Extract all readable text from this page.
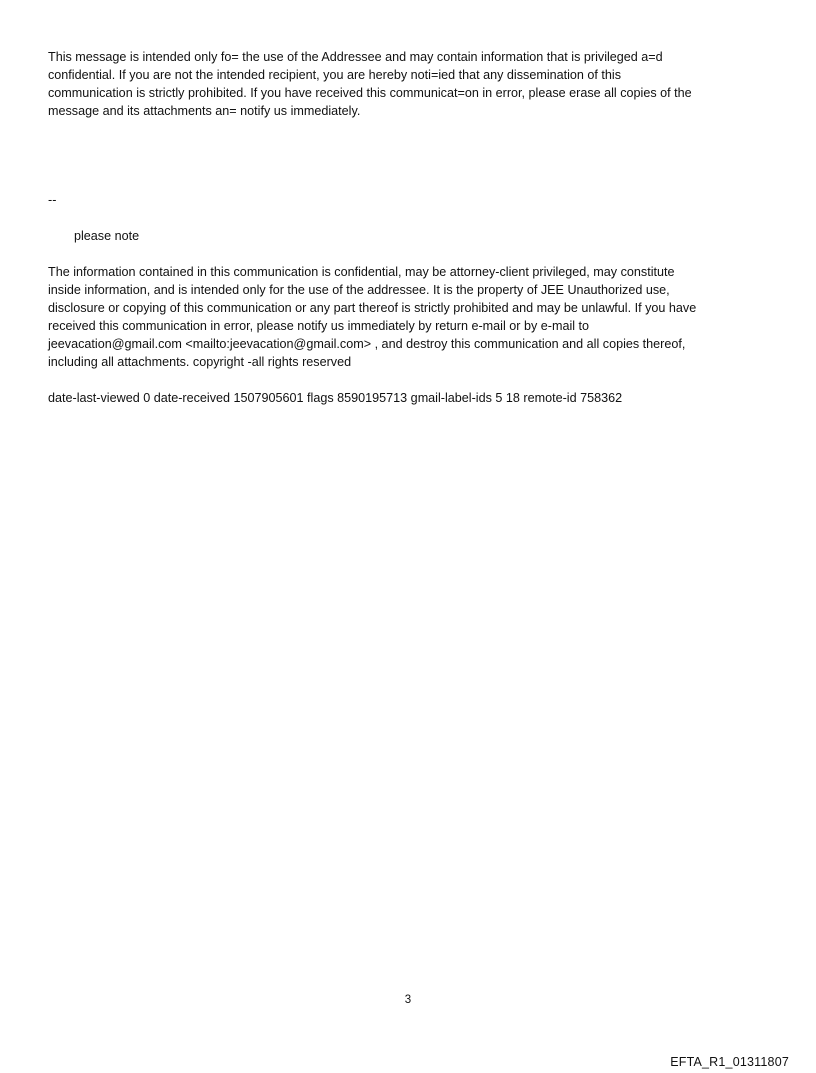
This message is intended only fo= the use of the Addressee and may contain information that is privileged a=d
confidential. If you are not the intended recipient, you are hereby noti=ied that any dissemination of this
communication is strictly prohibited. If you have received this communicat=on in error, please erase all copies of the
message and its attachments an= notify us immediately.
--
please note
The information contained in this communication is confidential, may be attorney-client privileged, may constitute
inside information, and is intended only for the use of the addressee. It is the property of JEE Unauthorized use,
disclosure or copying of this communication or any part thereof is strictly prohibited and may be unlawful. If you have
received this communication in error, please notify us immediately by return e-mail or by e-mail to
jeevacation@gmail.com <mailto:jeevacation@gmail.com> , and destroy this communication and all copies thereof,
including all attachments. copyright -all rights reserved
date-last-viewed 0 date-received 1507905601 flags 8590195713 gmail-label-ids 5 18 remote-id 758362
3
EFTA_R1_01311807
